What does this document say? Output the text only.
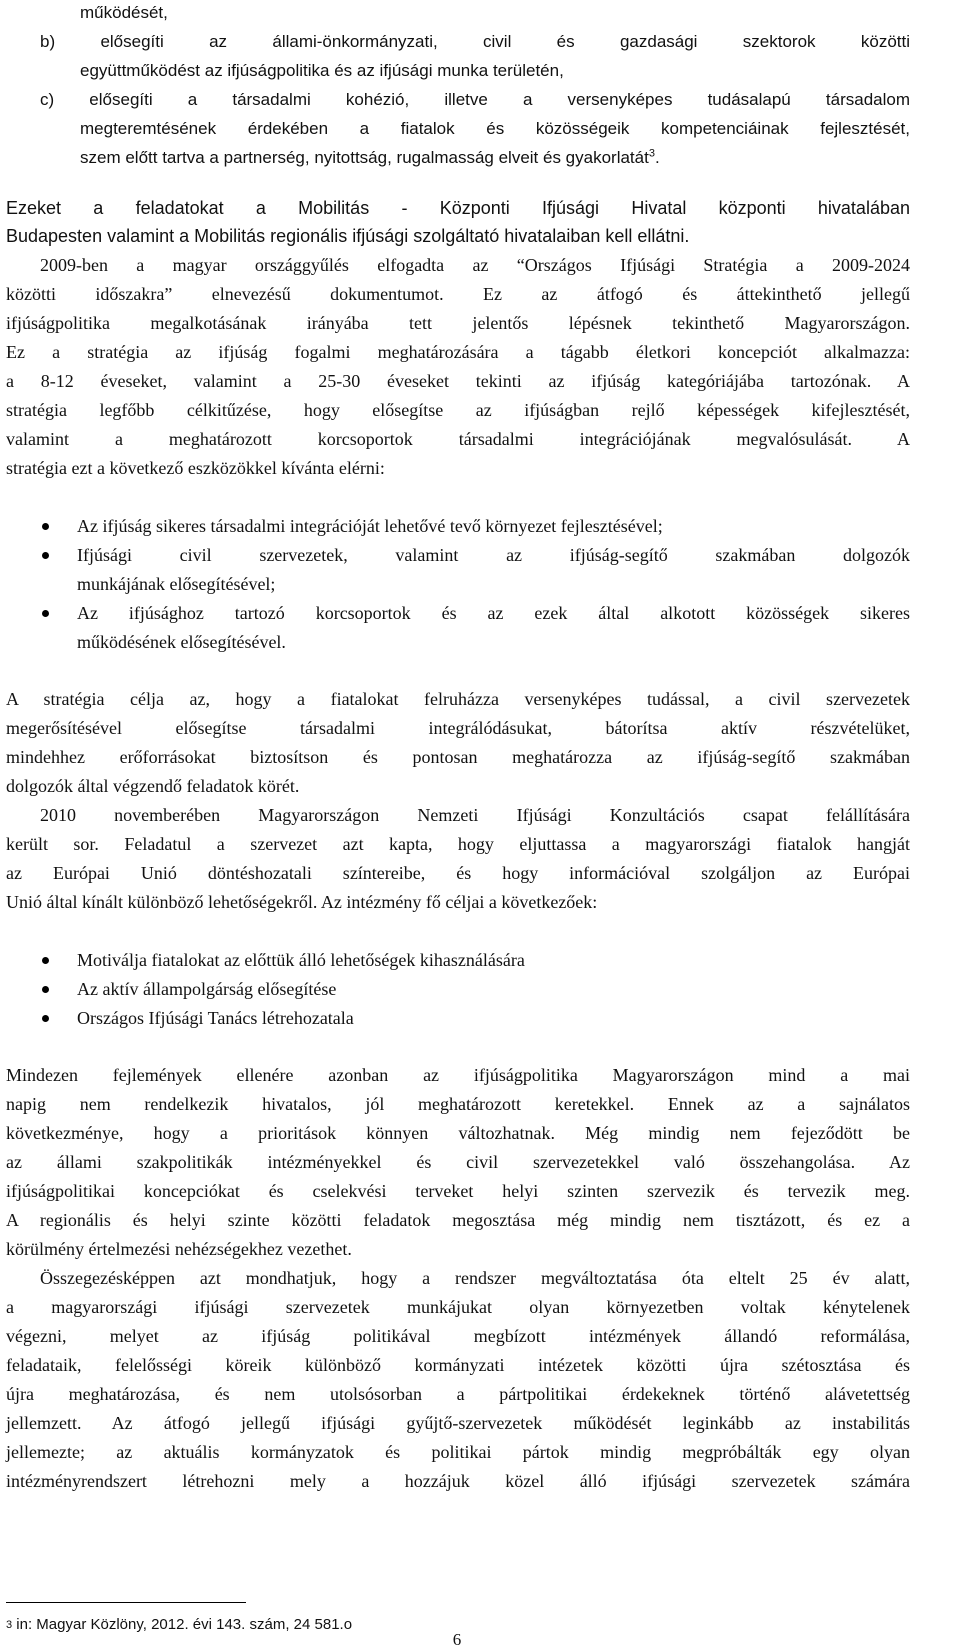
működését,
b) elősegíti az állami-önkormányzati, civil és gazdasági szektorok közötti
együttműködést az ifjúságpolitika és az ifjúsági munka területén,
c) elősegíti a társadalmi kohézió, illetve a versenyképes tudásalapú társadalom
megteremtésének érdekében a fiatalok és közösségeik kompetenciáinak fejlesztését,
szem előtt tartva a partnerség, nyitottság, rugalmasság elveit és gyakorlatát$^3$.
Ezeket a feladatokat a Mobilitás - Központi Ifjúsági Hivatal központi hivatalában
Budapesten valamint a Mobilitás regionális ifjúsági szolgáltató hivatalaiban kell ellátni.
2009-ben a magyar országgyűlés elfogadta az “Országos Ifjúsági Stratégia a 2009-2024
közötti időszakra” elnevezésű dokumentumot. Ez az átfogó és áttekinthető jellegű
ifjúságpolitika megalkotásának irányába tett jelentős lépésnek tekinthető Magyarországon.
Ez a stratégia az ifjúság fogalmi meghatározására a tágabb életkori koncepciót alkalmazza:
a 8-12 éveseket, valamint a 25-30 éveseket tekinti az ifjúság kategóriájába tartozónak. A
stratégia legfőbb célkitűzése, hogy elősegítse az ifjúságban rejlő képességek kifejlesztését,
valamint a meghatározott korcsoportok társadalmi integrációjának megvalósulását. A
stratégia ezt a következő eszközökkel kívánta elérni:
Az ifjúság sikeres társadalmi integrációját lehetővé tevő környezet fejlesztésével;
Ifjúsági civil szervezetek, valamint az ifjúság-segítő szakmában dolgozók
munkájának elősegítésével;
Az ifjúsághoz tartozó korcsoportok és az ezek által alkotott közösségek sikeres
működésének elősegítésével.
A stratégia célja az, hogy a fiatalokat felruházza versenyképes tudással, a civil szervezetek
megerősítésével elősegítse társadalmi integrálódásukat, bátorítsa aktív részvételüket,
mindehhez erőforrásokat biztosítson és pontosan meghatározza az ifjúság-segítő szakmában
dolgozók által végzendő feladatok körét.
2010 novemberében Magyarországon Nemzeti Ifjúsági Konzultációs csapat felállítására
került sor. Feladatul a szervezet azt kapta, hogy eljuttassa a magyarországi fiatalok hangját
az Európai Unió döntéshozatali színtereibe, és hogy információval szolgáljon az Európai
Unió által kínált különböző lehetőségekről. Az intézmény fő céljai a következőek:
Motiválja fiatalokat az előttük álló lehetőségek kihasználására
Az aktív állampolgárság elősegítése
Országos Ifjúsági Tanács létrehozatala
Mindezen fejlemények ellenére azonban az ifjúságpolitika Magyarországon mind a mai
napig nem rendelkezik hivatalos, jól meghatározott keretekkel. Ennek az a sajnálatos
következménye, hogy a prioritások könnyen változhatnak. Még mindig nem fejeződött be
az állami szakpolitikák intézményekkel és civil szervezetekkel való összehangolása. Az
ifjúságpolitikai koncepciókat és cselekvési terveket helyi szinten szervezik és tervezik meg.
A regionális és helyi szinte közötti feladatok megosztása még mindig nem tisztázott, és ez a
körülmény értelmezési nehézségekhez vezethet.
Összegezésképpen azt mondhatjuk, hogy a rendszer megváltoztatása óta eltelt 25 év alatt,
a magyarországi ifjúsági szervezetek munkájukat olyan környezetben voltak kénytelenek
végezni, melyet az ifjúság politikával megbízott intézmények állandó reformálása,
feladataik, felelősségi köreik különböző kormányzati intézetek közötti újra szétosztása és
újra meghatározása, és nem utolsósorban a pártpolitikai érdekeknek történő alávetettség
jellemzett. Az átfogó jellegű ifjúsági gyűjtő-szervezetek működését leginkább az instabilitás
jellemezte; az aktuális kormányzatok és politikai pártok mindig megpróbálták egy olyan
intézményrendszert létrehozni mely a hozzájuk közel álló ifjúsági szervezetek számára
$^3$ in: Magyar Közlöny, 2012. évi 143. szám, 24 581.o
6
